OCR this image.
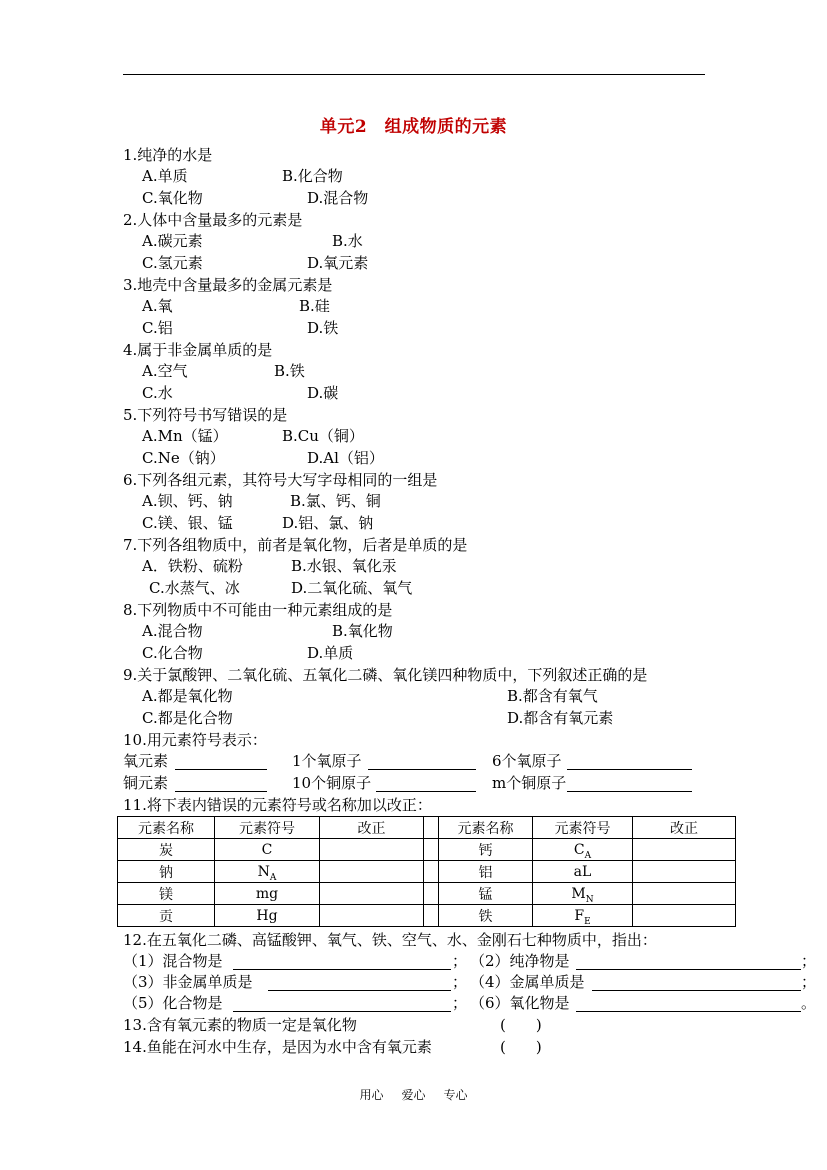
单元2　组成物质的元素
1.纯净的水是
A.单质	B.化合物
C.氧化物	D.混合物
2.人体中含量最多的元素是
A.碳元素	B.水
C.氢元素	D.氧元素
3.地壳中含量最多的金属元素是
A.氧	B.硅
C.铝	D.铁
4.属于非金属单质的是
A.空气	B.铁
C.水	D.碳
5.下列符号书写错误的是
A.Mn（锰）	B.Cu（铜）
C.Ne（钠）	D.Al（铝）
6.下列各组元素，其符号大写字母相同的一组是
A.钡、钙、钠	B.氯、钙、铜
C.镁、银、锰	D.铝、氯、钠
7.下列各组物质中，前者是氧化物，后者是单质的是
A．铁粉、硫粉	B.水银、氧化汞
C.水蒸气、冰	D.二氧化硫、氧气
8.下列物质中不可能由一种元素组成的是
A.混合物	B.氧化物
C.化合物	D.单质
9.关于氯酸钾、二氧化硫、五氧化二磷、氧化镁四种物质中，下列叙述正确的是
A.都是氧化物	B.都含有氧气
C.都是化合物	D.都含有氧元素
10.用元素符号表示：
氧元素	1个氧原子	6个氧原子
铜元素	10个铜原子	m个铜原子
11.将下表内错误的元素符号或名称加以改正：
元素名称	元素符号	改正		元素名称	元素符号	改正
炭	C			钙	$C_A$	
钠	$N_A$			铝	aL	
镁	mg			锰	$M_N$	
贡	Hg			铁	$F_E$	
12.在五氧化二磷、高锰酸钾、氧气、铁、空气、水、金刚石七种物质中，指出：
（1）混合物是	； （2）纯净物是	；
（3）非金属单质是	； （4）金属单质是	；
（5）化合物是	； （6）氧化物是	。
13.含有氧元素的物质一定是氧化物	(　　)
14.鱼能在河水中生存，是因为水中含有氧元素	(　　)
用心 爱心 专心
